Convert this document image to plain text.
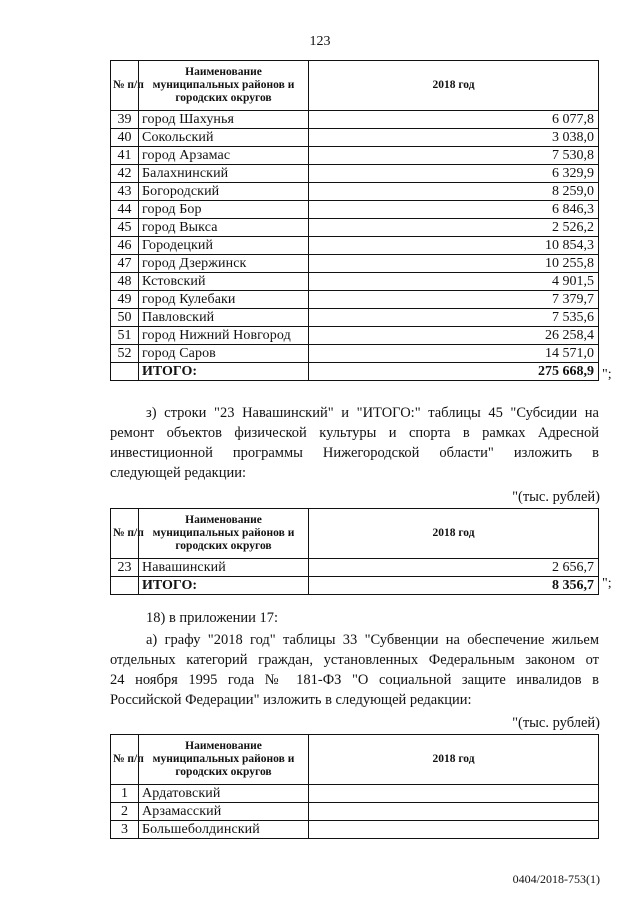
123
№ п/п	Наименование муниципальных районов и городских округов	2018 год
39	город Шахунья	6 077,8
40	Сокольский	3 038,0
41	город Арзамас	7 530,8
42	Балахнинский	6 329,9
43	Богородский	8 259,0
44	город Бор	6 846,3
45	город Выкса	2 526,2
46	Городецкий	10 854,3
47	город Дзержинск	10 255,8
48	Кстовский	4 901,5
49	город Кулебаки	7 379,7
50	Павловский	7 535,6
51	город Нижний Новгород	26 258,4
52	город Саров	14 571,0
	ИТОГО:	275 668,9 ";
з) строки "23 Навашинский" и "ИТОГО:" таблицы 45 "Субсидии на
ремонт объектов физической культуры и спорта в рамках Адресной
инвестиционной программы Нижегородской области" изложить в
следующей редакции:
"(тыс. рублей)
№ п/п	Наименование муниципальных районов и городских округов	2018 год
23	Навашинский	2 656,7
	ИТОГО:	8 356,7 ";
18) в приложении 17:
а) графу "2018 год" таблицы 33 "Субвенции на обеспечение жильем
отдельных категорий граждан, установленных Федеральным законом от
24 ноября 1995 года № 181-ФЗ "О социальной защите инвалидов в
Российской Федерации" изложить в следующей редакции:
"(тыс. рублей)
№ п/п	Наименование муниципальных районов и городских округов	2018 год
1	Ардатовский	
2	Арзамасский	
3	Большеболдинский	
0404/2018-753(1)
